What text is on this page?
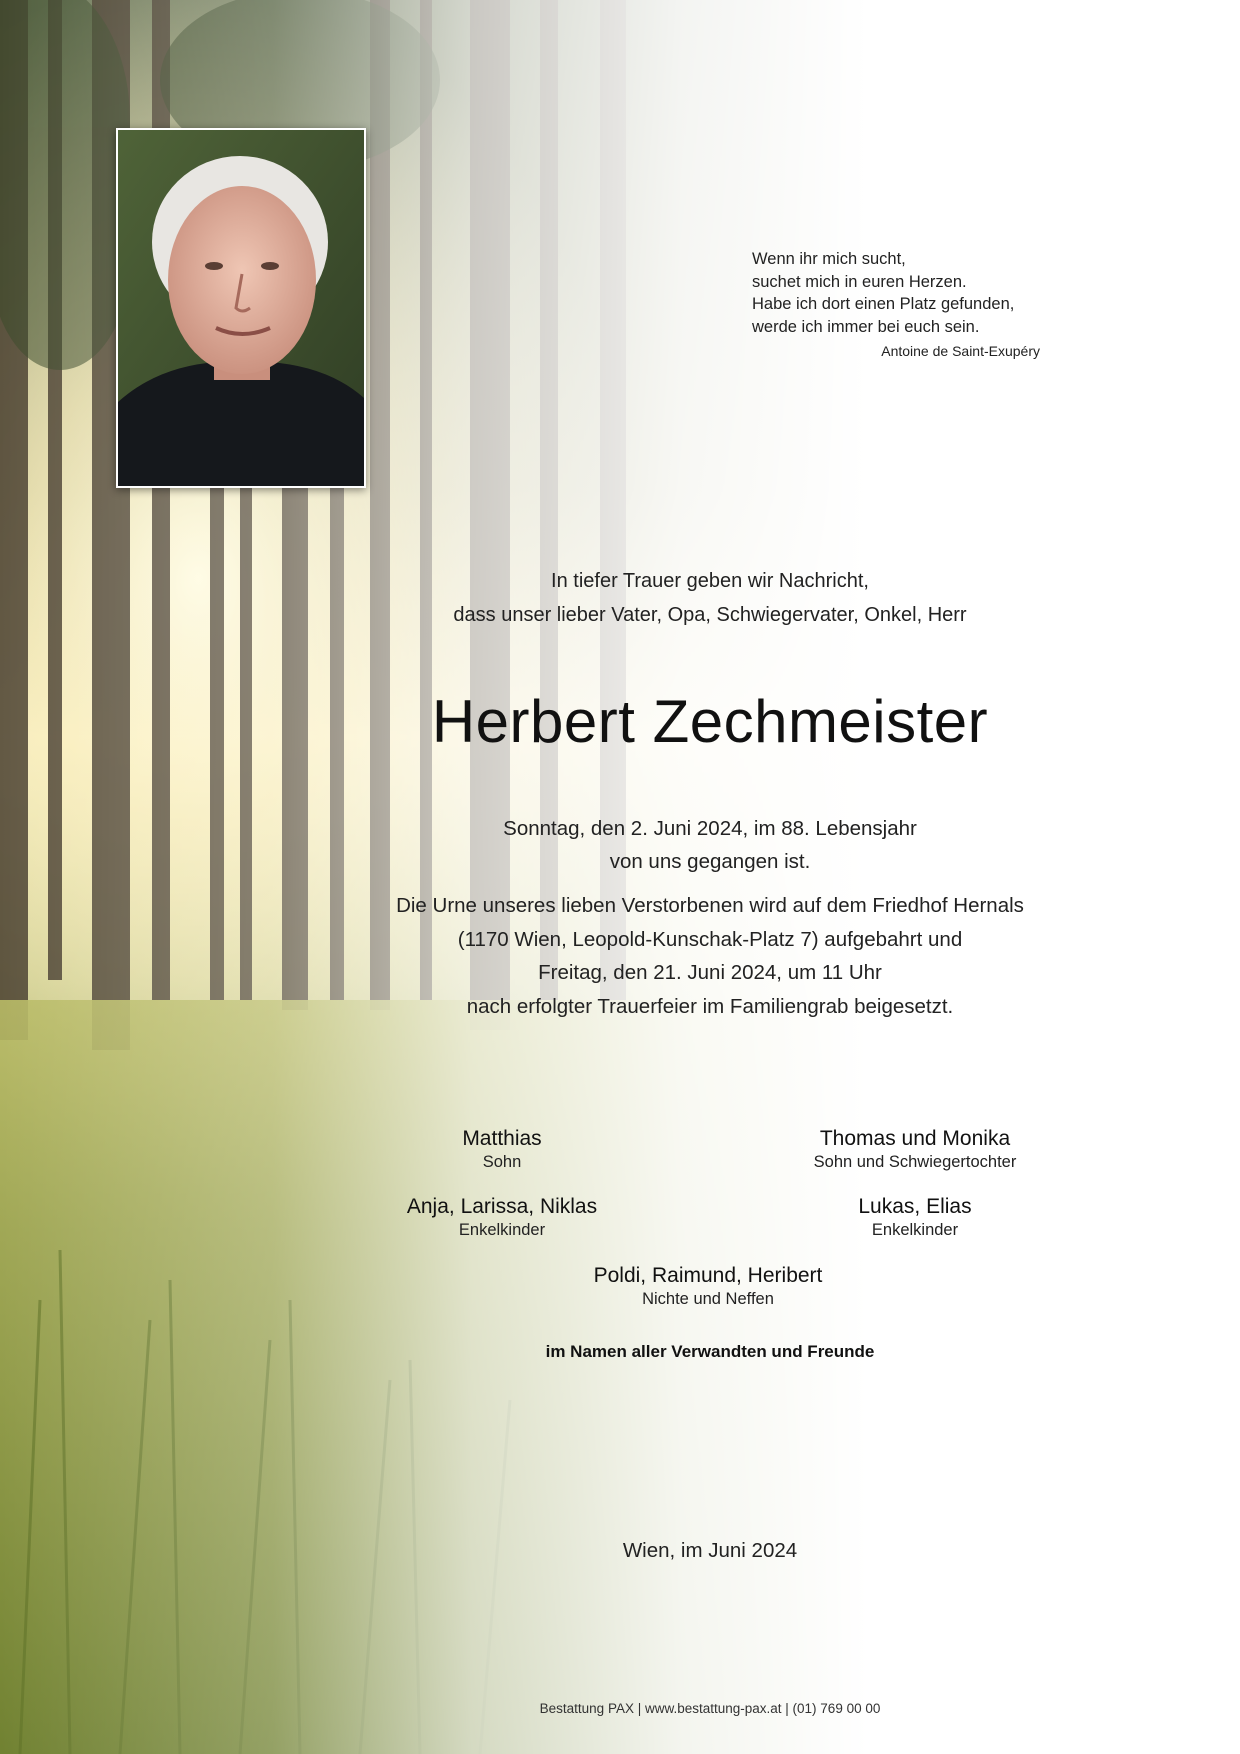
Wenn ihr mich sucht,
suchet mich in euren Herzen.
Habe ich dort einen Platz gefunden,
werde ich immer bei euch sein.
Antoine de Saint-Exupéry
In tiefer Trauer geben wir Nachricht,
dass unser lieber Vater, Opa, Schwiegervater, Onkel, Herr
Herbert Zechmeister
Sonntag, den 2. Juni 2024, im 88. Lebensjahr
von uns gegangen ist.
Die Urne unseres lieben Verstorbenen wird auf dem Friedhof Hernals
(1170 Wien, Leopold-Kunschak-Platz 7) aufgebahrt und
Freitag, den 21. Juni 2024, um 11 Uhr
nach erfolgter Trauerfeier im Familiengrab beigesetzt.
Matthias
Sohn
Thomas und Monika
Sohn und Schwiegertochter
Anja, Larissa, Niklas
Enkelkinder
Lukas, Elias
Enkelkinder
Poldi, Raimund, Heribert
Nichte und Neffen
im Namen aller Verwandten und Freunde
Wien, im Juni 2024
Bestattung PAX | www.bestattung-pax.at | (01) 769 00 00
